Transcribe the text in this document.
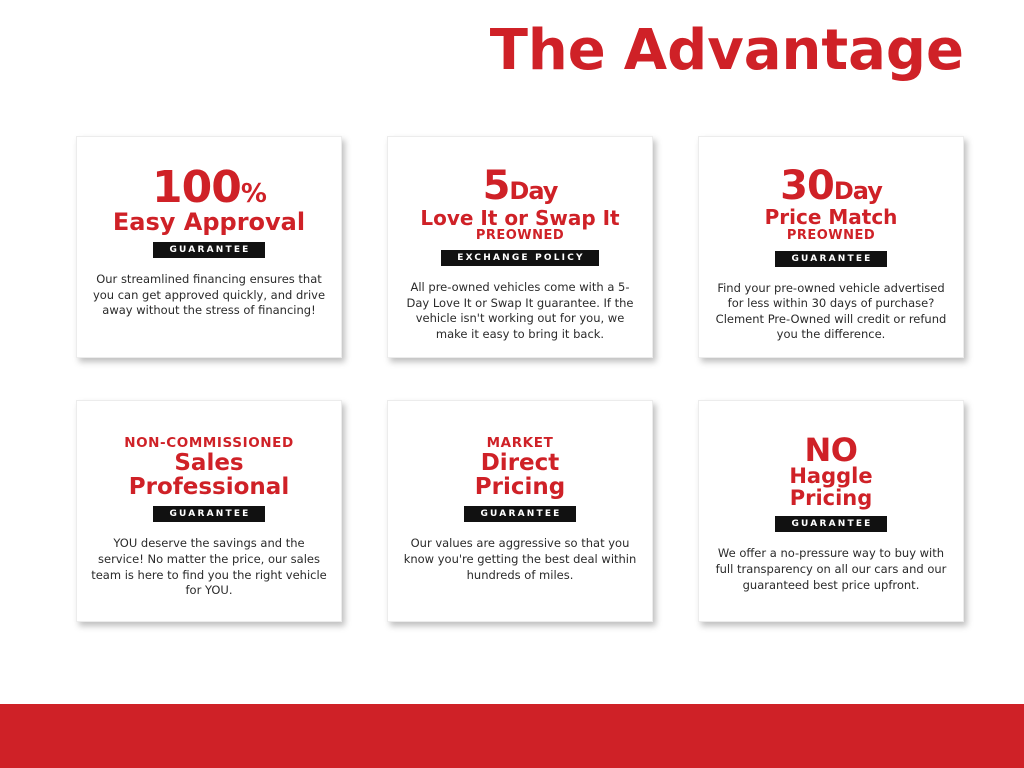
The Advantage
100%
Easy Approval
GUARANTEE
Our streamlined financing ensures that you can get approved quickly, and drive away without the stress of financing!
5Day
Love It or Swap It
PREOWNED
EXCHANGE POLICY
All pre-owned vehicles come with a 5-Day Love It or Swap It guarantee. If the vehicle isn't working out for you, we make it easy to bring it back.
30Day
Price Match
PREOWNED
GUARANTEE
Find your pre-owned vehicle advertised for less within 30 days of purchase? Clement Pre-Owned will credit or refund you the difference.
NON-COMMISSIONED
Sales
Professional
GUARANTEE
YOU deserve the savings and the service! No matter the price, our sales team is here to find you the right vehicle for YOU.
MARKET
Direct
Pricing
GUARANTEE
Our values are aggressive so that you know you're getting the best deal within hundreds of miles.
NO
Haggle
Pricing
GUARANTEE
We offer a no-pressure way to buy with full transparency on all our cars and our guaranteed best price upfront.
